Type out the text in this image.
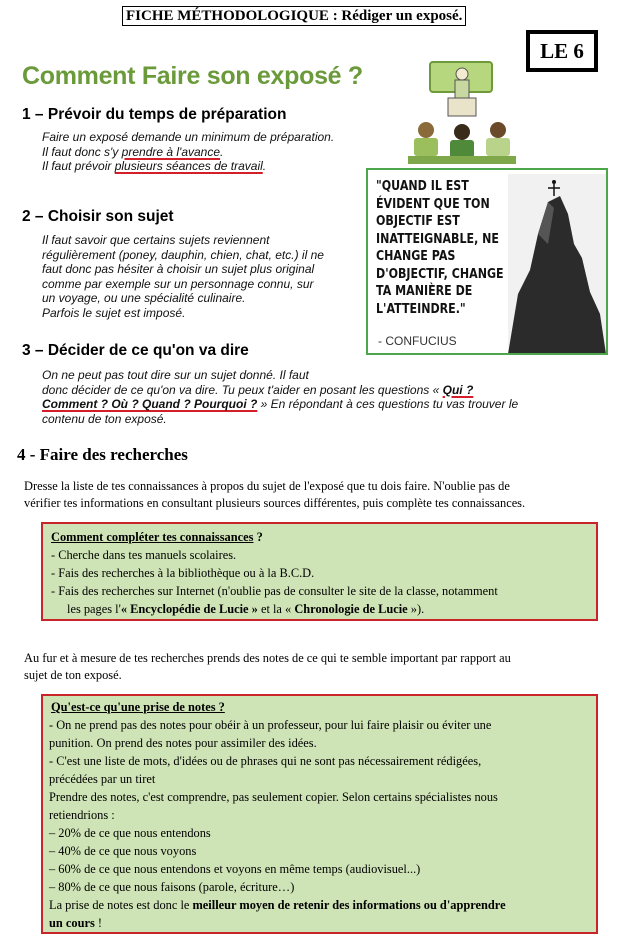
FICHE MÉTHODOLOGIQUE : Rédiger un exposé.
LE 6
Comment Faire son exposé ?
1 – Prévoir du temps de préparation
Faire un exposé demande un minimum de préparation.
Il faut donc s'y prendre à l'avance.
Il faut prévoir plusieurs séances de travail.
2 – Choisir son sujet
Il faut savoir que certains sujets reviennent
régulièrement (poney, dauphin, chien, chat, etc.) il ne
faut donc pas hésiter à choisir un sujet plus original
comme par exemple sur un personnage connu, sur
un voyage, ou une spécialité culinaire.
Parfois le sujet est imposé.
3 – Décider de ce qu'on va dire
On ne peut pas tout dire sur un sujet donné. Il faut
donc décider de ce qu'on va dire. Tu peux t'aider en posant les questions « Qui ?
Comment ? Où ? Quand ? Pourquoi ? » En répondant à ces questions tu vas trouver le
contenu de ton exposé.
"QUAND IL EST
ÉVIDENT QUE TON
OBJECTIF EST
INATTEIGNABLE, NE
CHANGE PAS
D'OBJECTIF, CHANGE
TA MANIÈRE DE
L'ATTEINDRE."
- CONFUCIUS
4 - Faire des recherches
Dresse la liste de tes connaissances à propos du sujet de l'exposé que tu dois faire. N'oublie pas de
vérifier tes informations en consultant plusieurs sources différentes, puis complète tes connaissances.
Comment compléter tes connaissances ?
- Cherche dans tes manuels scolaires.
- Fais des recherches à la bibliothèque ou à la B.C.D.
- Fais des recherches sur Internet (n'oublie pas de consulter le site de la classe, notamment
les pages l'« Encyclopédie de Lucie » et la « Chronologie de Lucie »).
Au fur et à mesure de tes recherches prends des notes de ce qui te semble important par rapport au
sujet de ton exposé.
Qu'est-ce qu'une prise de notes ?
- On ne prend pas des notes pour obéir à un professeur, pour lui faire plaisir ou éviter une
punition. On prend des notes pour assimiler des idées.
- C'est une liste de mots, d'idées ou de phrases qui ne sont pas nécessairement rédigées,
précédées par un tiret
Prendre des notes, c'est comprendre, pas seulement copier. Selon certains spécialistes nous
retiendrions :
– 20% de ce que nous entendons
– 40% de ce que nous voyons
– 60% de ce que nous entendons et voyons en même temps (audiovisuel...)
– 80% de ce que nous faisons (parole, écriture…)
La prise de notes est donc le meilleur moyen de retenir des informations ou d'apprendre
un cours !
